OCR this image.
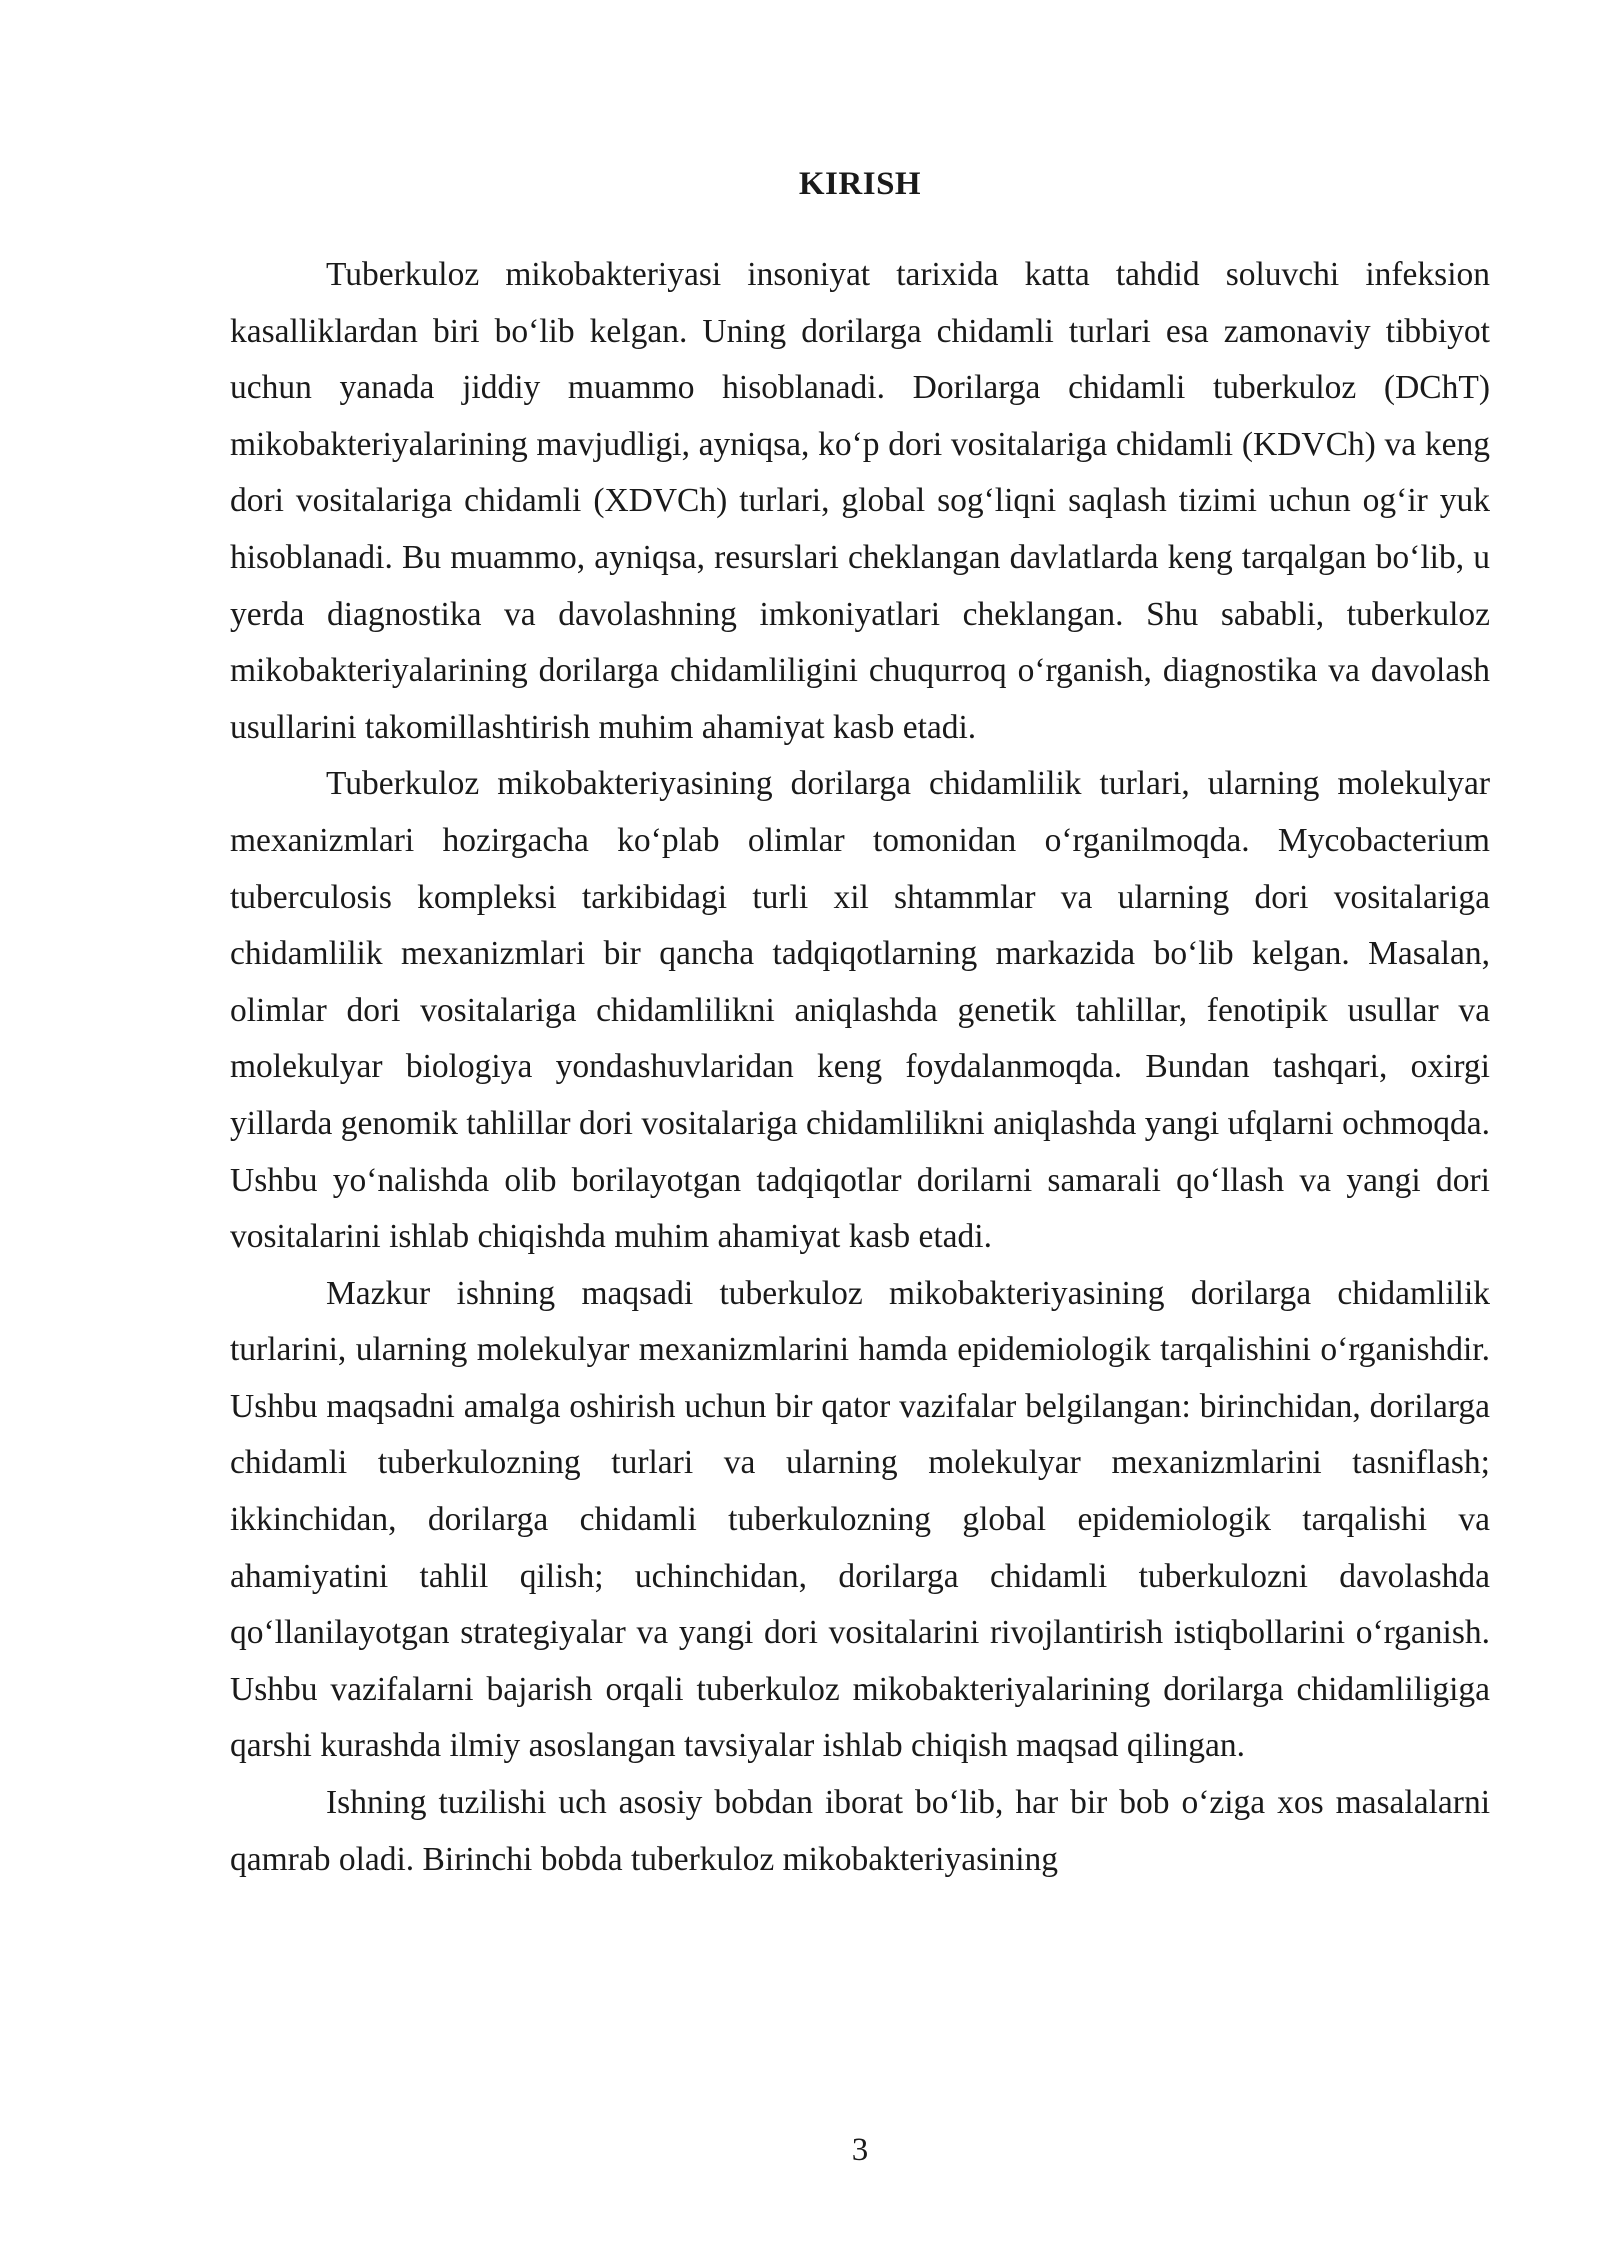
KIRISH

Tuberkuloz mikobakteriyasi insoniyat tarixida katta tahdid soluvchi infeksion kasalliklardan biri bo‘lib kelgan. Uning dorilarga chidamli turlari esa zamonaviy tibbiyot uchun yanada jiddiy muammo hisoblanadi. Dorilarga chidamli tuberkuloz (DChT) mikobakteriyalarining mavjudligi, ayniqsa, ko‘p dori vositalariga chidamli (KDVCh) va keng dori vositalariga chidamli (XDVCh) turlari, global sog‘liqni saqlash tizimi uchun og‘ir yuk hisoblanadi. Bu muammo, ayniqsa, resurslari cheklangan davlatlarda keng tarqalgan bo‘lib, u yerda diagnostika va davolashning imkoniyatlari cheklangan. Shu sababli, tuberkuloz mikobakteriyalarining dorilarga chidamliligini chuqurroq o‘rganish, diagnostika va davolash usullarini takomillashtirish muhim ahamiyat kasb etadi.

Tuberkuloz mikobakteriyasining dorilarga chidamlilik turlari, ularning molekulyar mexanizmlari hozirgacha ko‘plab olimlar tomonidan o‘rganilmoqda. Mycobacterium tuberculosis kompleksi tarkibidagi turli xil shtammlar va ularning dori vositalariga chidamlilik mexanizmlari bir qancha tadqiqotlarning markazida bo‘lib kelgan. Masalan, olimlar dori vositalariga chidamlilikni aniqlashda genetik tahlillar, fenotipik usullar va molekulyar biologiya yondashuvlaridan keng foydalanmoqda. Bundan tashqari, oxirgi yillarda genomik tahlillar dori vositalariga chidamlilikni aniqlashda yangi ufqlarni ochmoqda. Ushbu yo‘nalishda olib borilayotgan tadqiqotlar dorilarni samarali qo‘llash va yangi dori vositalarini ishlab chiqishda muhim ahamiyat kasb etadi.

Mazkur ishning maqsadi tuberkuloz mikobakteriyasining dorilarga chidamlilik turlarini, ularning molekulyar mexanizmlarini hamda epidemiologik tarqalishini o‘rganishdir. Ushbu maqsadni amalga oshirish uchun bir qator vazifalar belgilangan: birinchidan, dorilarga chidamli tuberkulozning turlari va ularning molekulyar mexanizmlarini tasniflash; ikkinchidan, dorilarga chidamli tuberkulozning global epidemiologik tarqalishi va ahamiyatini tahlil qilish; uchinchidan, dorilarga chidamli tuberkulozni davolashda qo‘llanilayotgan strategiyalar va yangi dori vositalarini rivojlantirish istiqbollarini o‘rganish. Ushbu vazifalarni bajarish orqali tuberkuloz mikobakteriyalarining dorilarga chidamliligiga qarshi kurashda ilmiy asoslangan tavsiyalar ishlab chiqish maqsad qilingan.

Ishning tuzilishi uch asosiy bobdan iborat bo‘lib, har bir bob o‘ziga xos masalalarni qamrab oladi. Birinchi bobda tuberkuloz mikobakteriyasining

3
